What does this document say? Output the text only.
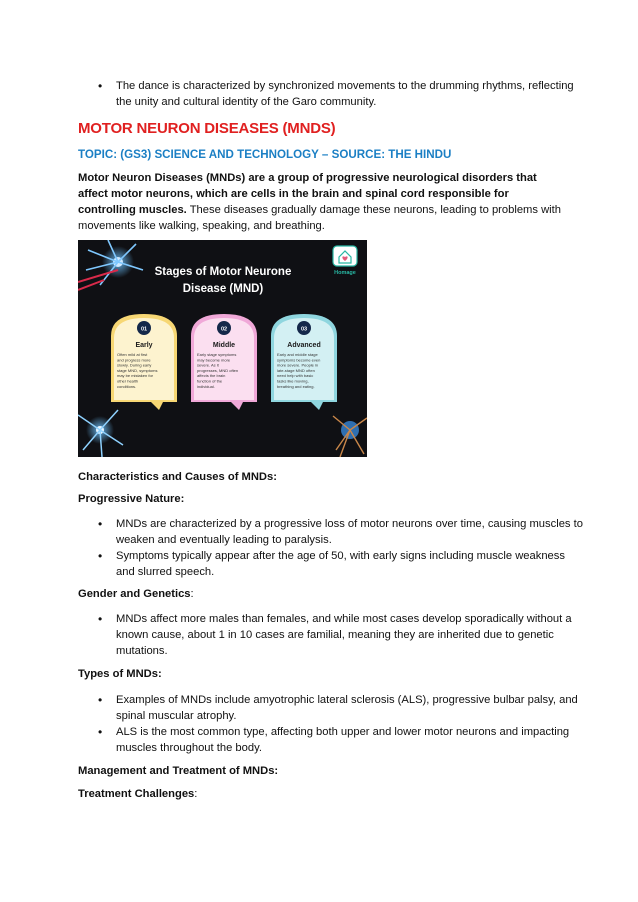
• The dance is characterized by synchronized movements to the drumming rhythms, reflecting the unity and cultural identity of the Garo community.
MOTOR NEURON DISEASES (MNDS)
TOPIC: (GS3) SCIENCE AND TECHNOLOGY – SOURCE: THE HINDU
Motor Neuron Diseases (MNDs) are a group of progressive neurological disorders that affect motor neurons, which are cells in the brain and spinal cord responsible for controlling muscles. These diseases gradually damage these neurons, leading to problems with movements like walking, speaking, and breathing.
Homage
Stages of Motor Neurone
Disease (MND)
01
Early
Often mild at first and progress more slowly. During early stage MND, symptoms may be mistaken for other health conditions.
02
Middle
Early stage symptoms may become more severe. As it progresses, MND often affects the brain function of the individual.
03
Advanced
Early and middle stage symptoms become even more severe. People in late-stage MND often need help with basic tasks like moving, breathing and eating.
Characteristics and Causes of MNDs:
Progressive Nature:
• MNDs are characterized by a progressive loss of motor neurons over time, causing muscles to weaken and eventually leading to paralysis.
• Symptoms typically appear after the age of 50, with early signs including muscle weakness and slurred speech.
Gender and Genetics:
• MNDs affect more males than females, and while most cases develop sporadically without a known cause, about 1 in 10 cases are familial, meaning they are inherited due to genetic mutations.
Types of MNDs:
• Examples of MNDs include amyotrophic lateral sclerosis (ALS), progressive bulbar palsy, and spinal muscular atrophy.
• ALS is the most common type, affecting both upper and lower motor neurons and impacting muscles throughout the body.
Management and Treatment of MNDs:
Treatment Challenges:
